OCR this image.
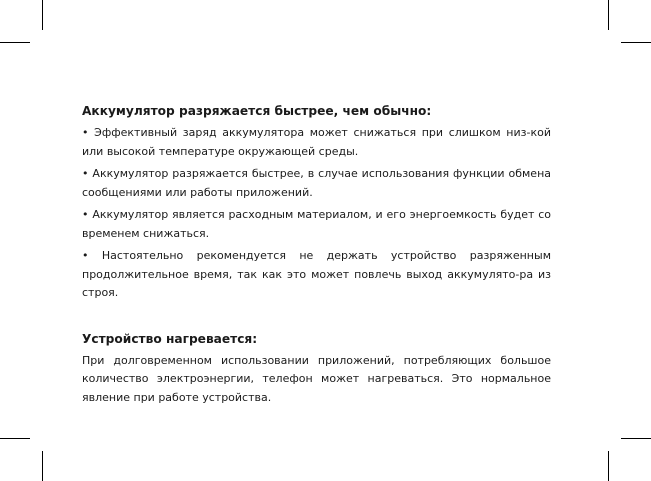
Аккумулятор разряжается быстрее, чем обычно:

• Эффективный заряд аккумулятора может снижаться при слишком низ-кой или высокой температуре окружающей среды.

• Аккумулятор разряжается быстрее, в случае использования функции обмена сообщениями или работы приложений.

• Аккумулятор является расходным материалом, и его энергоемкость будет со временем снижаться.

• Настоятельно рекомендуется не держать устройство разряженным продолжительное время, так как это может повлечь выход аккумулято-ра из строя.

Устройство нагревается:

При долговременном использовании приложений, потребляющих большое количество электроэнергии, телефон может нагреваться. Это нормальное явление при работе устройства.
